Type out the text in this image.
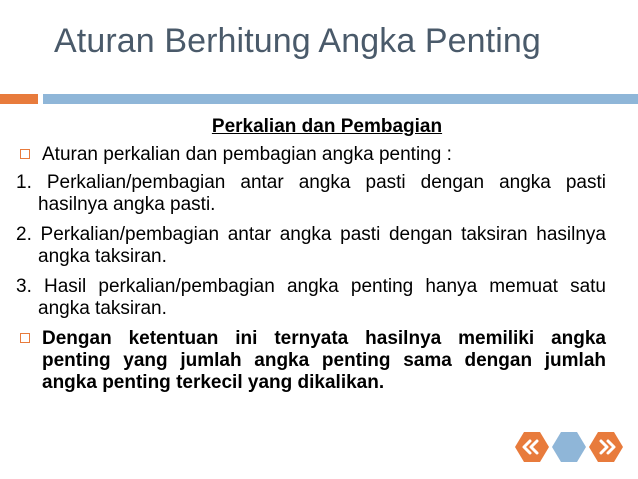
Aturan Berhitung Angka Penting
Perkalian dan Pembagian
Aturan perkalian dan pembagian angka penting :
1. Perkalian/pembagian antar angka pasti dengan angka pasti hasilnya angka pasti.
2. Perkalian/pembagian antar angka pasti dengan taksiran hasilnya angka taksiran.
3. Hasil perkalian/pembagian angka penting hanya memuat satu angka taksiran.
Dengan ketentuan ini ternyata hasilnya memiliki angka penting yang jumlah angka penting sama dengan jumlah angka penting terkecil yang dikalikan.
